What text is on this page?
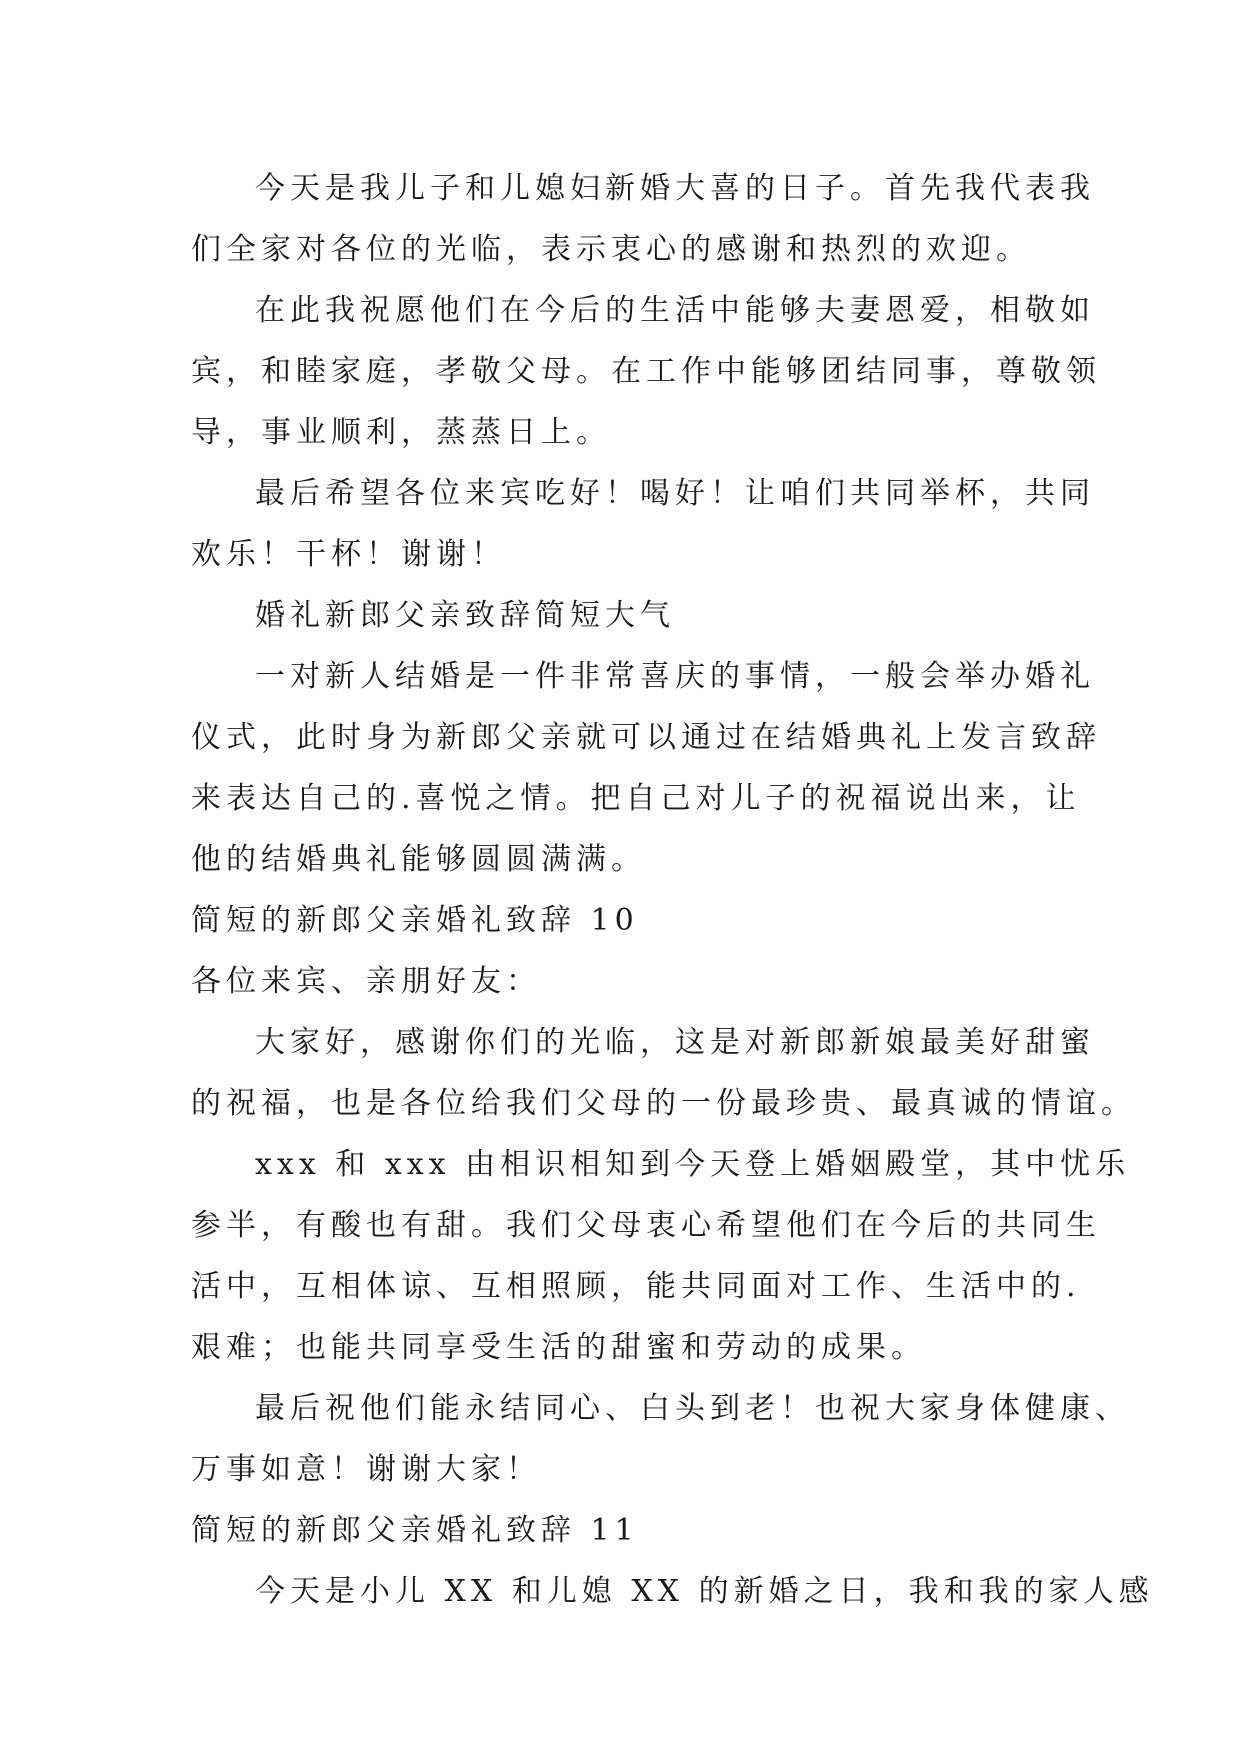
今天是我儿子和儿媳妇新婚大喜的日子。首先我代表我
们全家对各位的光临，表示衷心的感谢和热烈的欢迎。
在此我祝愿他们在今后的生活中能够夫妻恩爱，相敬如
宾，和睦家庭，孝敬父母。在工作中能够团结同事，尊敬领
导，事业顺利，蒸蒸日上。
最后希望各位来宾吃好！喝好！让咱们共同举杯，共同
欢乐！干杯！谢谢！
婚礼新郎父亲致辞简短大气
一对新人结婚是一件非常喜庆的事情，一般会举办婚礼
仪式，此时身为新郎父亲就可以通过在结婚典礼上发言致辞
来表达自己的.喜悦之情。把自己对儿子的祝福说出来，让
他的结婚典礼能够圆圆满满。
简短的新郎父亲婚礼致辞 10
各位来宾、亲朋好友：
大家好，感谢你们的光临，这是对新郎新娘最美好甜蜜
的祝福，也是各位给我们父母的一份最珍贵、最真诚的情谊。
xxx 和 xxx 由相识相知到今天登上婚姻殿堂，其中忧乐
参半，有酸也有甜。我们父母衷心希望他们在今后的共同生
活中，互相体谅、互相照顾，能共同面对工作、生活中的.
艰难；也能共同享受生活的甜蜜和劳动的成果。
最后祝他们能永结同心、白头到老！也祝大家身体健康、
万事如意！谢谢大家！
简短的新郎父亲婚礼致辞 11
今天是小儿 XX 和儿媳 XX 的新婚之日，我和我的家人感
